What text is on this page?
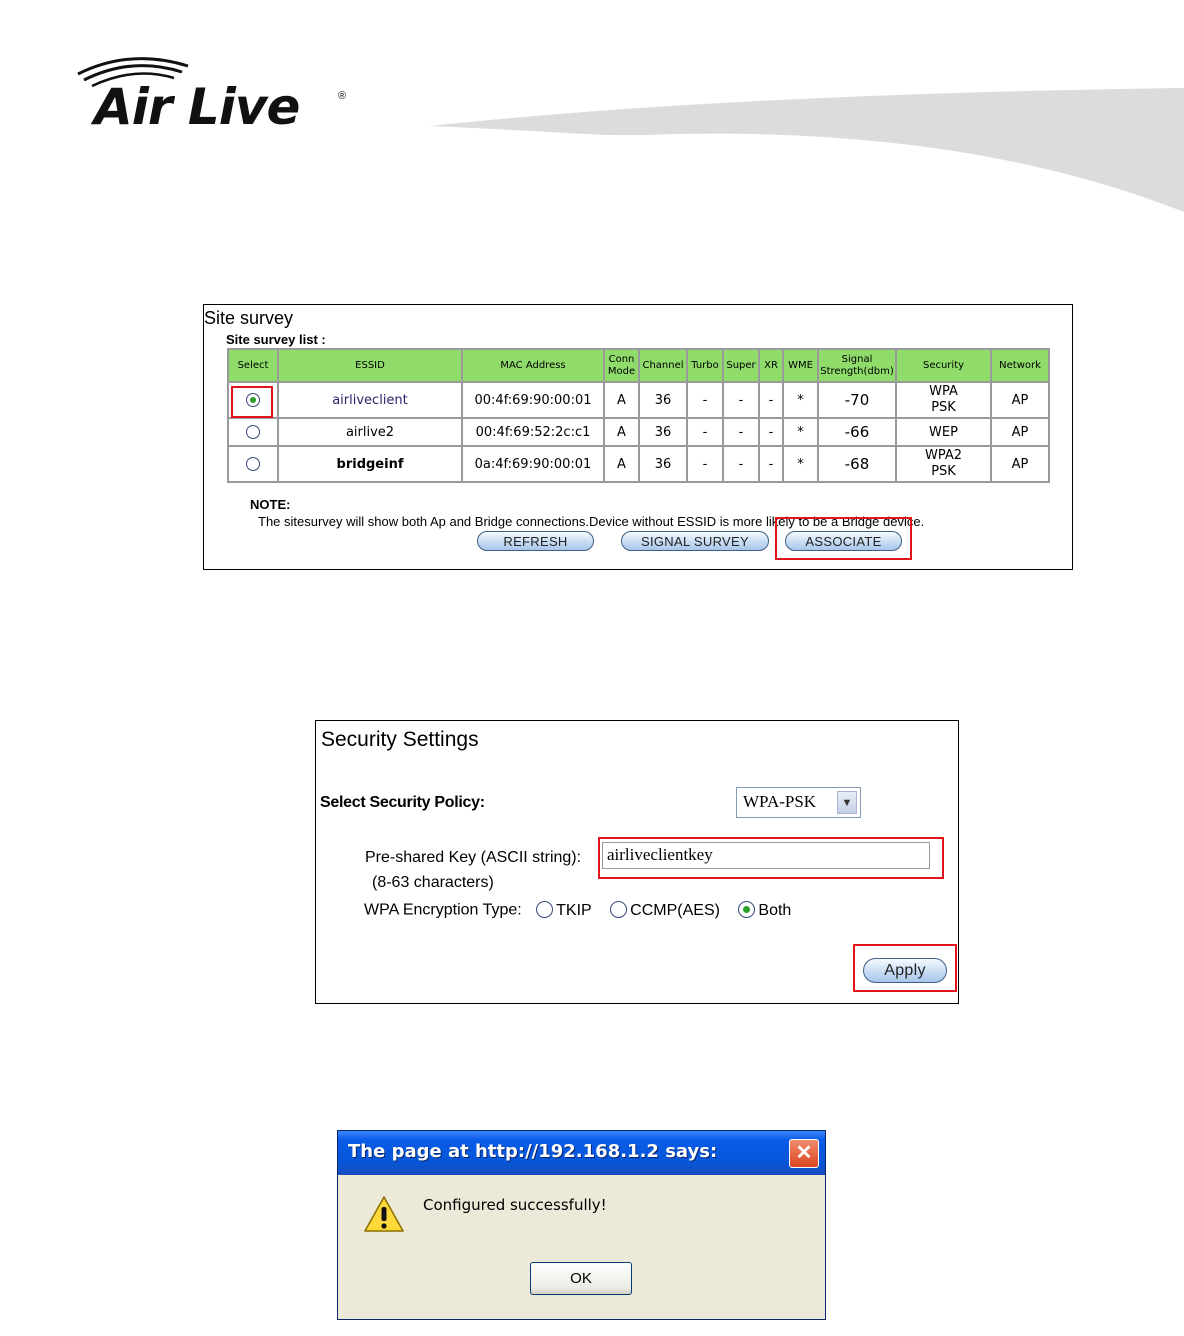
Air Live	®
Site survey
Site survey list :
Select	ESSID	MAC Address	Conn Mode	Channel	Turbo	Super	XR	WME	Signal Strength(dbm)	Security	Network
	airliveclient	00:4f:69:90:00:01	A	36	-	-	-	*	-70	WPA PSK	AP
	airlive2	00:4f:69:52:2c:c1	A	36	-	-	-	*	-66	WEP	AP
	bridgeinf	0a:4f:69:90:00:01	A	36	-	-	-	*	-68	WPA2 PSK	AP
NOTE:
The sitesurvey will show both Ap and Bridge connections.Device without ESSID is more likely to be a Bridge device.
REFRESH	SIGNAL SURVEY	ASSOCIATE
Security Settings
Select Security Policy:	WPA-PSK	▼
Pre-shared Key (ASCII string):
(8-63 characters)
airliveclientkey
WPA Encryption Type: TKIP CCMP(AES) Both
Apply
The page at http://192.168.1.2 says:	✕
Configured successfully!
OK
